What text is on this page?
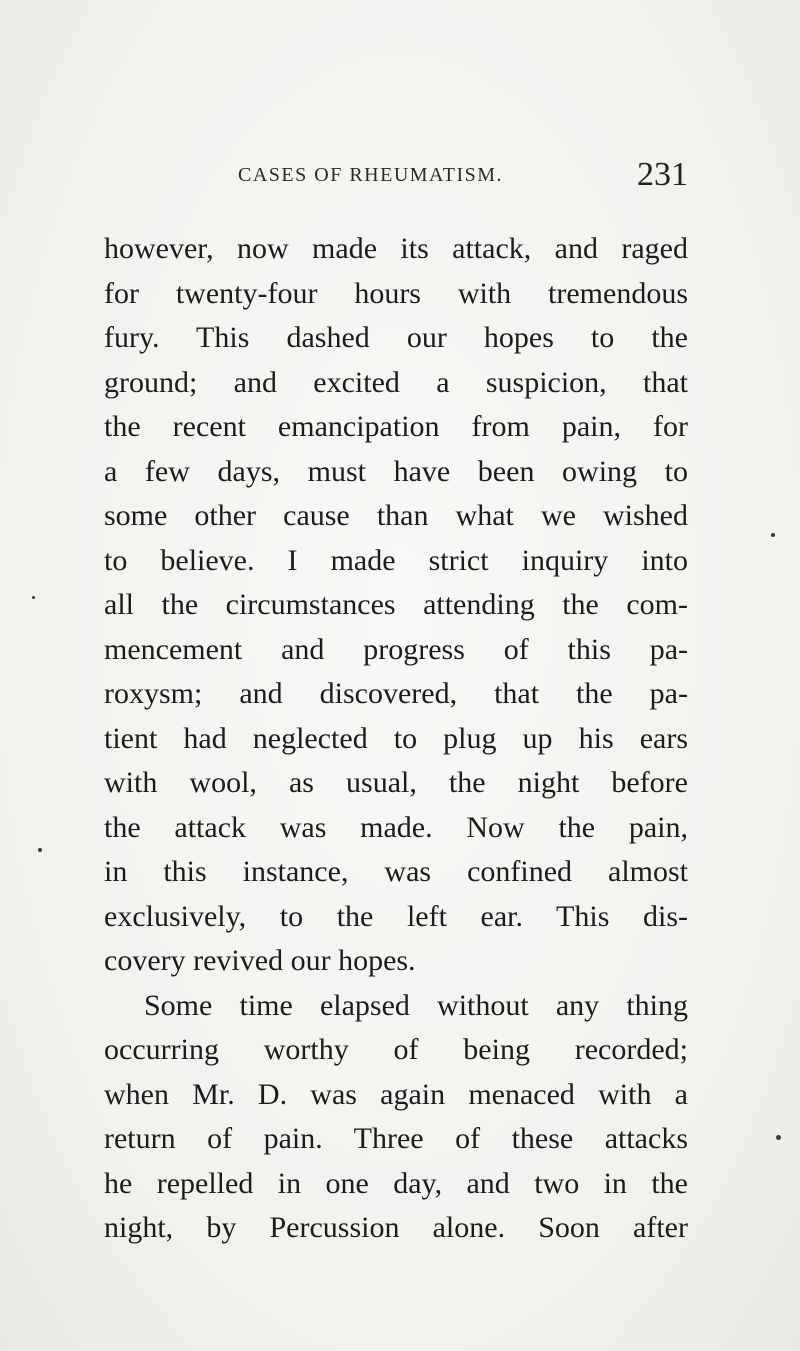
CASES OF RHEUMATISM.	231
however, now made its attack, and raged
for twenty-four hours with tremendous
fury. This dashed our hopes to the
ground; and excited a suspicion, that
the recent emancipation from pain, for
a few days, must have been owing to
some other cause than what we wished
to believe. I made strict inquiry into
all the circumstances attending the com-
mencement and progress of this pa-
roxysm; and discovered, that the pa-
tient had neglected to plug up his ears
with wool, as usual, the night before
the attack was made. Now the pain,
in this instance, was confined almost
exclusively, to the left ear. This dis-
covery revived our hopes.
Some time elapsed without any thing
occurring worthy of being recorded;
when Mr. D. was again menaced with a
return of pain. Three of these attacks
he repelled in one day, and two in the
night, by Percussion alone. Soon after
